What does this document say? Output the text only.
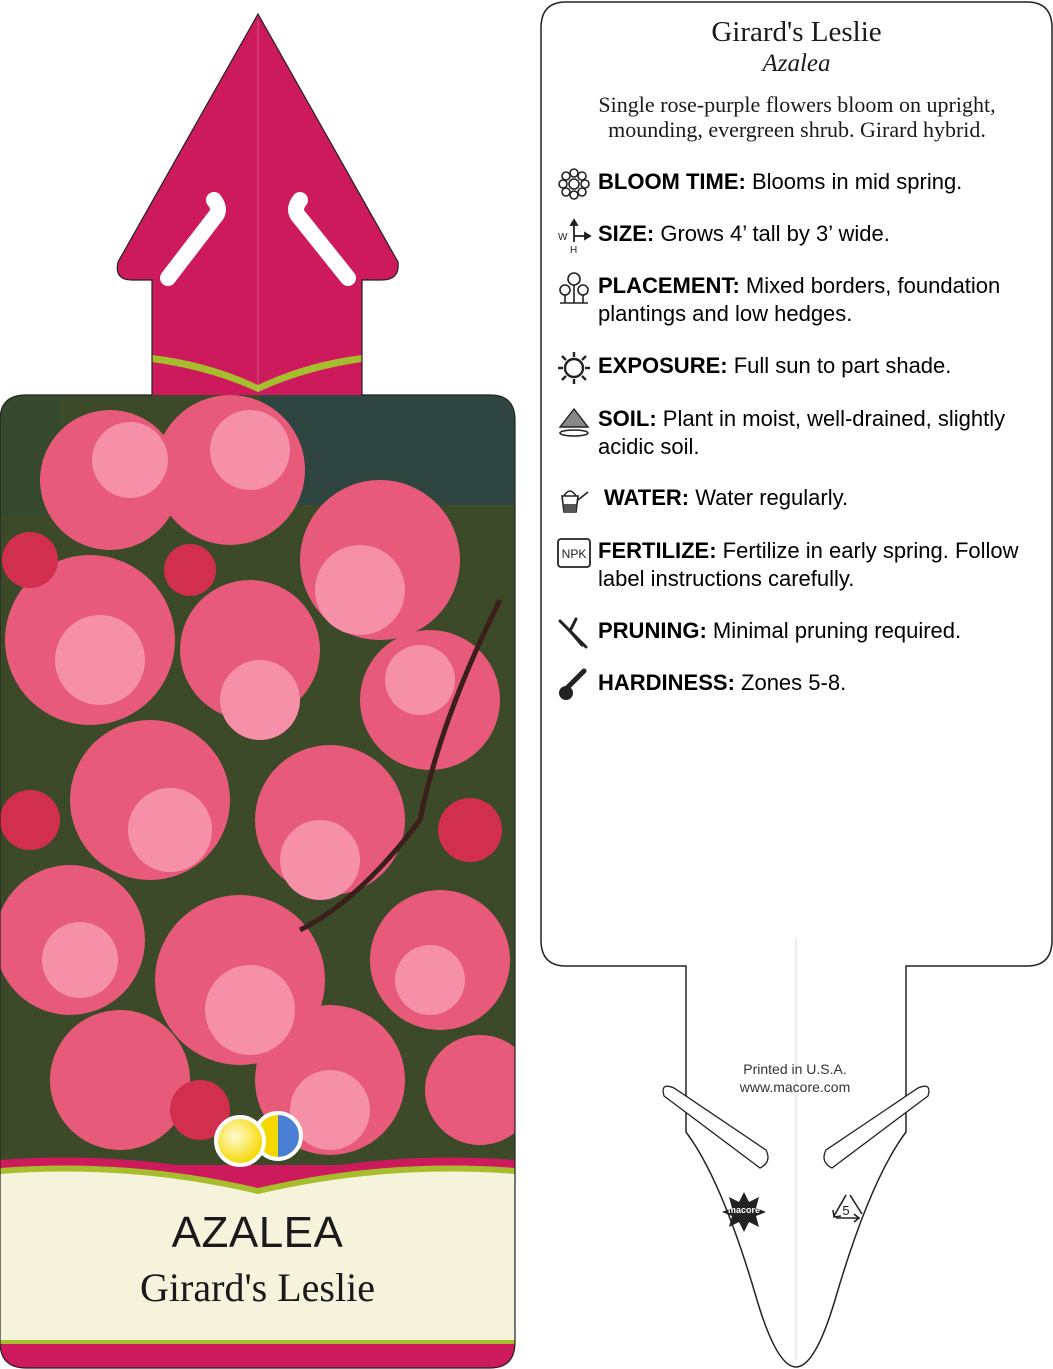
AZALEA
Girard's Leslie
Girard's Leslie
Azalea
Single rose-purple flowers bloom on upright, mounding, evergreen shrub. Girard hybrid.
BLOOM TIME: Blooms in mid spring.
W
H
SIZE: Grows 4’ tall by 3’ wide.
PLACEMENT: Mixed borders, foundation plantings and low hedges.
EXPOSURE: Full sun to part shade.
SOIL: Plant in moist, well-drained, slightly acidic soil.
WATER: Water regularly.
NPK FERTILIZE: Fertilize in early spring. Follow label instructions carefully.
PRUNING: Minimal pruning required.
HARDINESS: Zones 5-8.
Printed in U.S.A.
www.macore.com
macore	5
